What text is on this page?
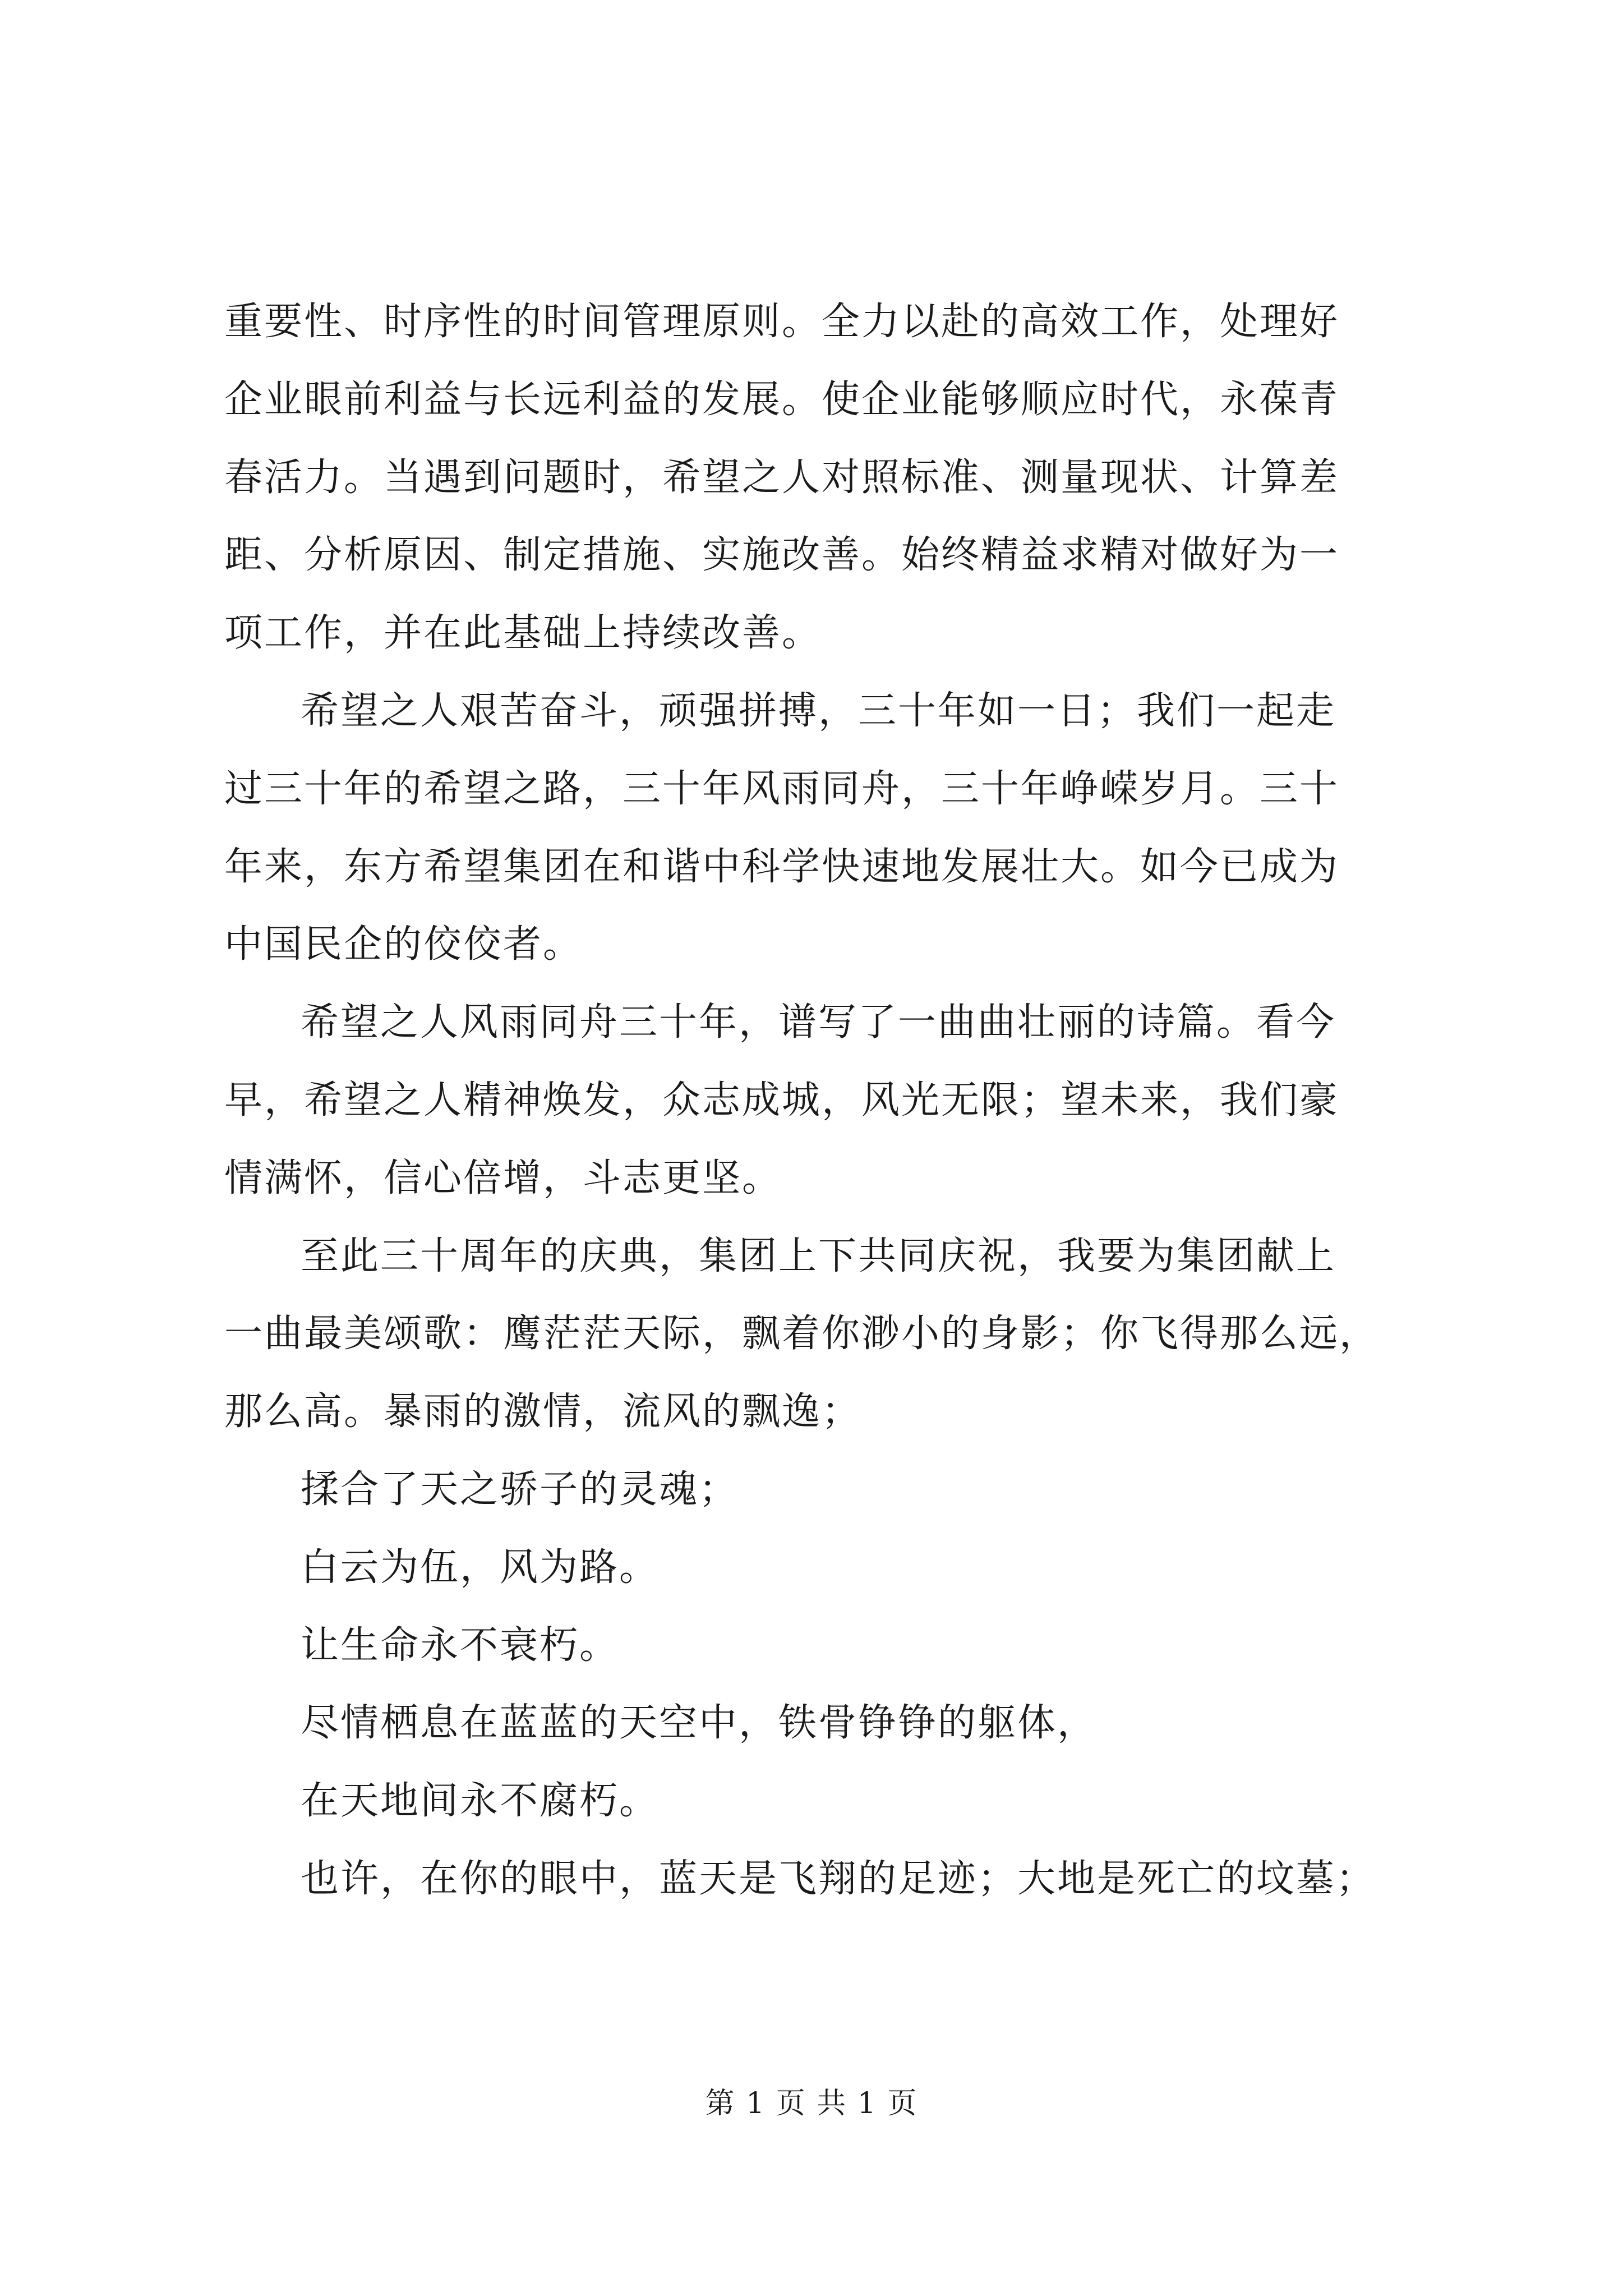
重要性、时序性的时间管理原则。全力以赴的高效工作，处理好
企业眼前利益与长远利益的发展。使企业能够顺应时代，永葆青
春活力。当遇到问题时，希望之人对照标准、测量现状、计算差
距、分析原因、制定措施、实施改善。始终精益求精对做好为一
项工作，并在此基础上持续改善。
希望之人艰苦奋斗，顽强拼搏，三十年如一日；我们一起走
过三十年的希望之路，三十年风雨同舟，三十年峥嵘岁月。三十
年来，东方希望集团在和谐中科学快速地发展壮大。如今已成为
中国民企的佼佼者。
希望之人风雨同舟三十年，谱写了一曲曲壮丽的诗篇。看今
早，希望之人精神焕发，众志成城，风光无限；望未来，我们豪
情满怀，信心倍增，斗志更坚。
至此三十周年的庆典，集团上下共同庆祝，我要为集团献上
一曲最美颂歌：鹰茫茫天际，飘着你渺小的身影；你飞得那么远，
那么高。暴雨的激情，流风的飘逸；
揉合了天之骄子的灵魂；
白云为伍，风为路。
让生命永不衰朽。
尽情栖息在蓝蓝的天空中，铁骨铮铮的躯体，
在天地间永不腐朽。
也许，在你的眼中，蓝天是飞翔的足迹；大地是死亡的坟墓；
第 1 页 共 1 页
